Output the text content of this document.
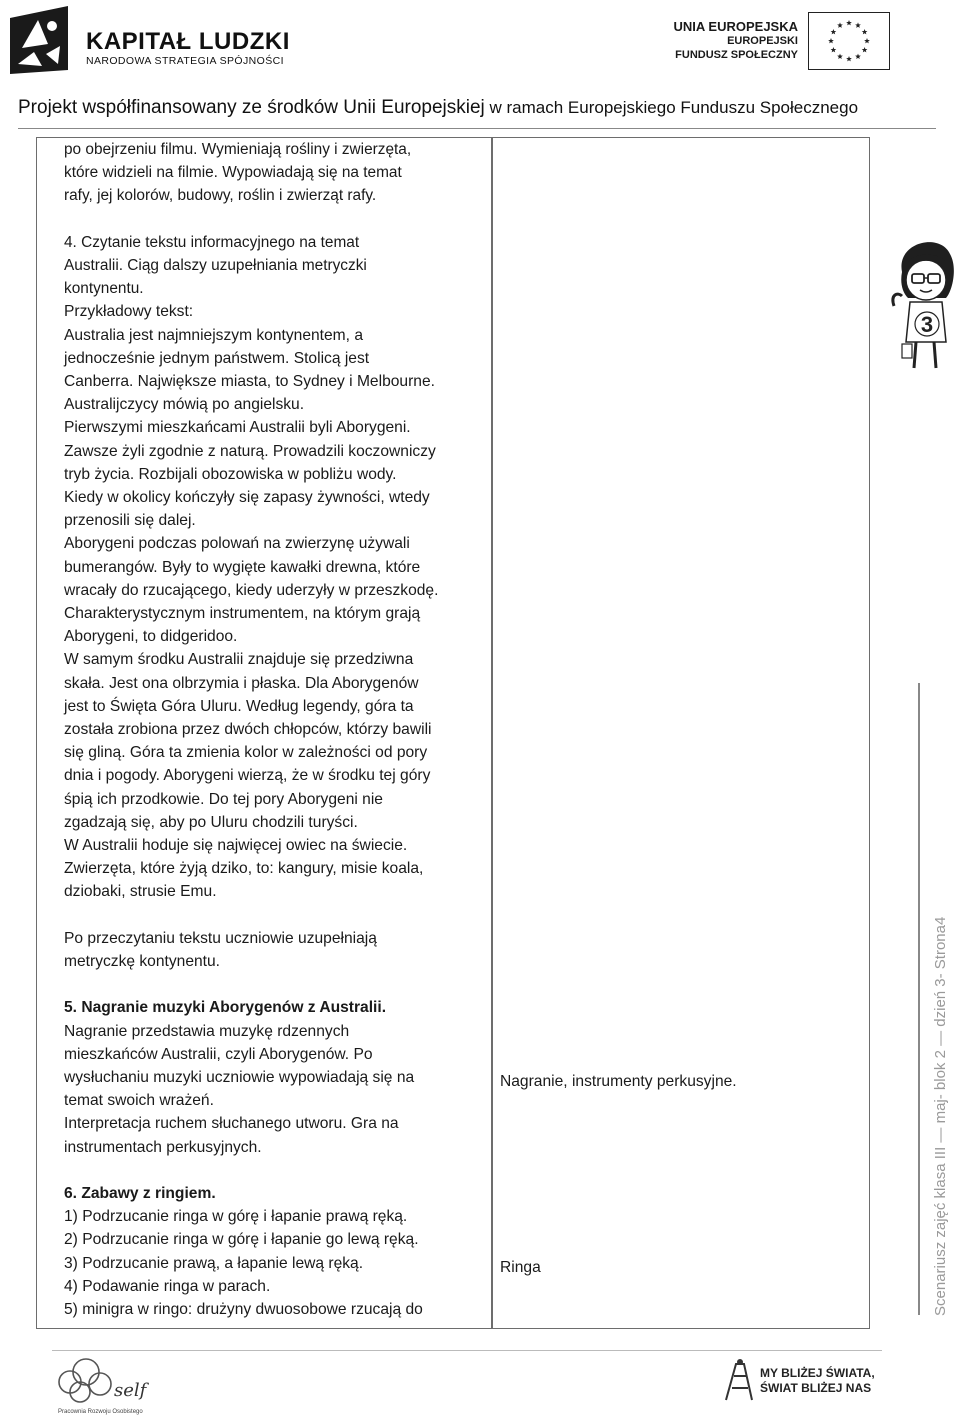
KAPITAŁ LUDZKI
NARODOWA STRATEGIA SPÓJNOŚCI
UNIA EUROPEJSKA
EUROPEJSKI
FUNDUSZ SPOŁECZNY
Projekt współfinansowany ze środków Unii Europejskiej w ramach Europejskiego Funduszu Społecznego

po obejrzeniu filmu. Wymieniają rośliny i zwierzęta,

które widzieli na filmie. Wypowiadają się na temat

rafy, jej kolorów, budowy, roślin i zwierząt rafy.

4. Czytanie tekstu informacyjnego na temat

Australii. Ciąg dalszy uzupełniania metryczki

kontynentu.

Przykładowy tekst:

Australia jest najmniejszym kontynentem, a

jednocześnie jednym państwem. Stolicą jest

Canberra. Największe miasta, to Sydney i Melbourne.

Australijczycy mówią po angielsku.

Pierwszymi mieszkańcami Australii byli Aborygeni.

Zawsze żyli zgodnie z naturą. Prowadzili koczowniczy

tryb życia. Rozbijali obozowiska w pobliżu wody.

Kiedy w okolicy kończyły się zapasy żywności, wtedy

przenosili się dalej.

Aborygeni podczas polowań na zwierzynę używali

bumerangów. Były to wygięte kawałki drewna, które

wracały do rzucającego, kiedy uderzyły w przeszkodę.

Charakterystycznym instrumentem, na którym grają

Aborygeni, to didgeridoo.

W samym środku Australii znajduje się przedziwna

skała. Jest ona olbrzymia i płaska. Dla Aborygenów

jest to Święta Góra Uluru. Według legendy, góra ta

została zrobiona przez dwóch chłopców, którzy bawili

się gliną. Góra ta zmienia kolor w zależności od pory

dnia i pogody. Aborygeni wierzą, że w środku tej góry

śpią ich przodkowie. Do tej pory Aborygeni nie

zgadzają się, aby po Uluru chodzili turyści.

W Australii hoduje się najwięcej owiec na świecie.

Zwierzęta, które żyją dziko, to: kangury, misie koala,

dziobaki, strusie Emu.

Po przeczytaniu tekstu uczniowie uzupełniają

metryczkę kontynentu.

5. Nagranie muzyki Aborygenów z Australii.

Nagranie przedstawia muzykę rdzennych

mieszkańców Australii, czyli Aborygenów. Po

wysłuchaniu muzyki uczniowie wypowiadają się na

temat swoich wrażeń.

Interpretacja ruchem słuchanego utworu. Gra na

instrumentach perkusyjnych.

6. Zabawy z ringiem.

1) Podrzucanie ringa w górę i łapanie prawą ręką.

2) Podrzucanie ringa w górę i łapanie go lewą ręką.

3) Podrzucanie prawą, a łapanie lewą ręką.

4) Podawanie ringa w parach.

5) minigra w ringo: drużyny dwuosobowe rzucają do

Nagranie, instrumenty perkusyjne.
Ringa
3
Scenariusz zajęć klasa III — maj- blok 2 — dzień 3- Strona4
self
Pracownia Rozwoju Osobistego
MY BLIŻEJ ŚWIATA,
ŚWIAT BLIŻEJ NAS
